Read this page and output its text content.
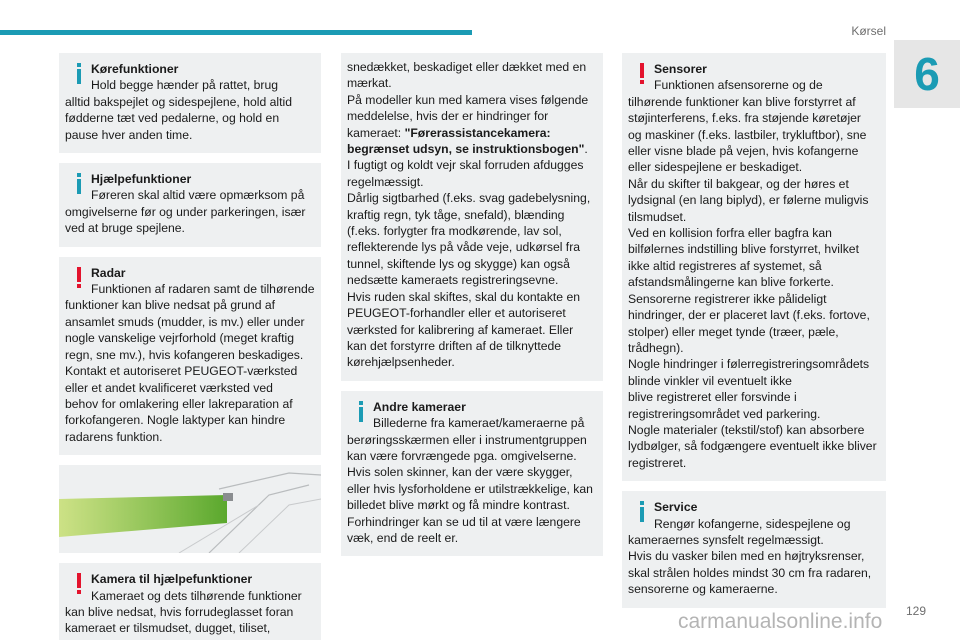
Kørsel
6
Kørefunktioner
Hold begge hænder på rattet, brug
alltid bakspejlet og sidespejlene, hold altid
fødderne tæt ved pedalerne, og hold en
pause hver anden time.
Hjælpefunktioner
Føreren skal altid være opmærksom på
omgivelserne før og under parkeringen, især
ved at bruge spejlene.
Radar
Funktionen af radaren samt de tilhørende
funktioner kan blive nedsat på grund af
ansamlet smuds (mudder, is mv.) eller under
nogle vanskelige vejrforhold (meget kraftig
regn, sne mv.), hvis kofangeren beskadiges.
Kontakt et autoriseret PEUGEOT-værksted
eller et andet kvalificeret værksted ved
behov for omlakering eller lakreparation af
forkofangeren. Nogle laktyper kan hindre
radarens funktion.
Kamera til hjælpefunktioner
Kameraet og dets tilhørende funktioner
kan blive nedsat, hvis forrudeglasset foran
kameraet er tilsmudset, dugget, tiliset,
snedækket, beskadiget eller dækket med en
mærkat.
På modeller kun med kamera vises følgende
meddelelse, hvis der er hindringer for
kameraet: "Førerassistancekamera:
begrænset udsyn, se instruktionsbogen".
I fugtigt og koldt vejr skal forruden afdugges
regelmæssigt.
Dårlig sigtbarhed (f.eks. svag gadebelysning,
kraftig regn, tyk tåge, snefald), blænding
(f.eks. forlygter fra modkørende, lav sol,
reflekterende lys på våde veje, udkørsel fra
tunnel, skiftende lys og skygge) kan også
nedsætte kameraets registreringsevne.
Hvis ruden skal skiftes, skal du kontakte en
PEUGEOT-forhandler eller et autoriseret
værksted for kalibrering af kameraet. Eller
kan det forstyrre driften af de tilknyttede
kørehjælpsenheder.
Andre kameraer
Billederne fra kameraet/kameraerne på
berøringsskærmen eller i instrumentgruppen
kan være forvrængede pga. omgivelserne.
Hvis solen skinner, kan der være skygger,
eller hvis lysforholdene er utilstrækkelige, kan
billedet blive mørkt og få mindre kontrast.
Forhindringer kan se ud til at være længere
væk, end de reelt er.
Sensorer
Funktionen afsensorerne og de
tilhørende funktioner kan blive forstyrret af
støjinterferens, f.eks. fra støjende køretøjer
og maskiner (f.eks. lastbiler, trykluftbor), sne
eller visne blade på vejen, hvis kofangerne
eller sidespejlene er beskadiget.
Når du skifter til bakgear, og der høres et
lydsignal (en lang biplyd), er følerne muligvis
tilsmudset.
Ved en kollision forfra eller bagfra kan
bilfølernes indstilling blive forstyrret, hvilket
ikke altid registreres af systemet, så
afstandsmålingerne kan blive forkerte.
Sensorerne registrerer ikke pålideligt
hindringer, der er placeret lavt (f.eks. fortove,
stolper) eller meget tynde (træer, pæle,
trådhegn).
Nogle hindringer i følerregistreringsområdets
blinde vinkler vil eventuelt ikke
blive registreret eller forsvinde i
registreringsområdet ved parkering.
Nogle materialer (tekstil/stof) kan absorbere
lydbølger, så fodgængere eventuelt ikke bliver
registreret.
Service
Rengør kofangerne, sidespejlene og
kameraernes synsfelt regelmæssigt.
Hvis du vasker bilen med en højtryksrenser,
skal strålen holdes mindst 30 cm fra radaren,
sensorerne og kameraerne.
129
carmanualsonline.info
